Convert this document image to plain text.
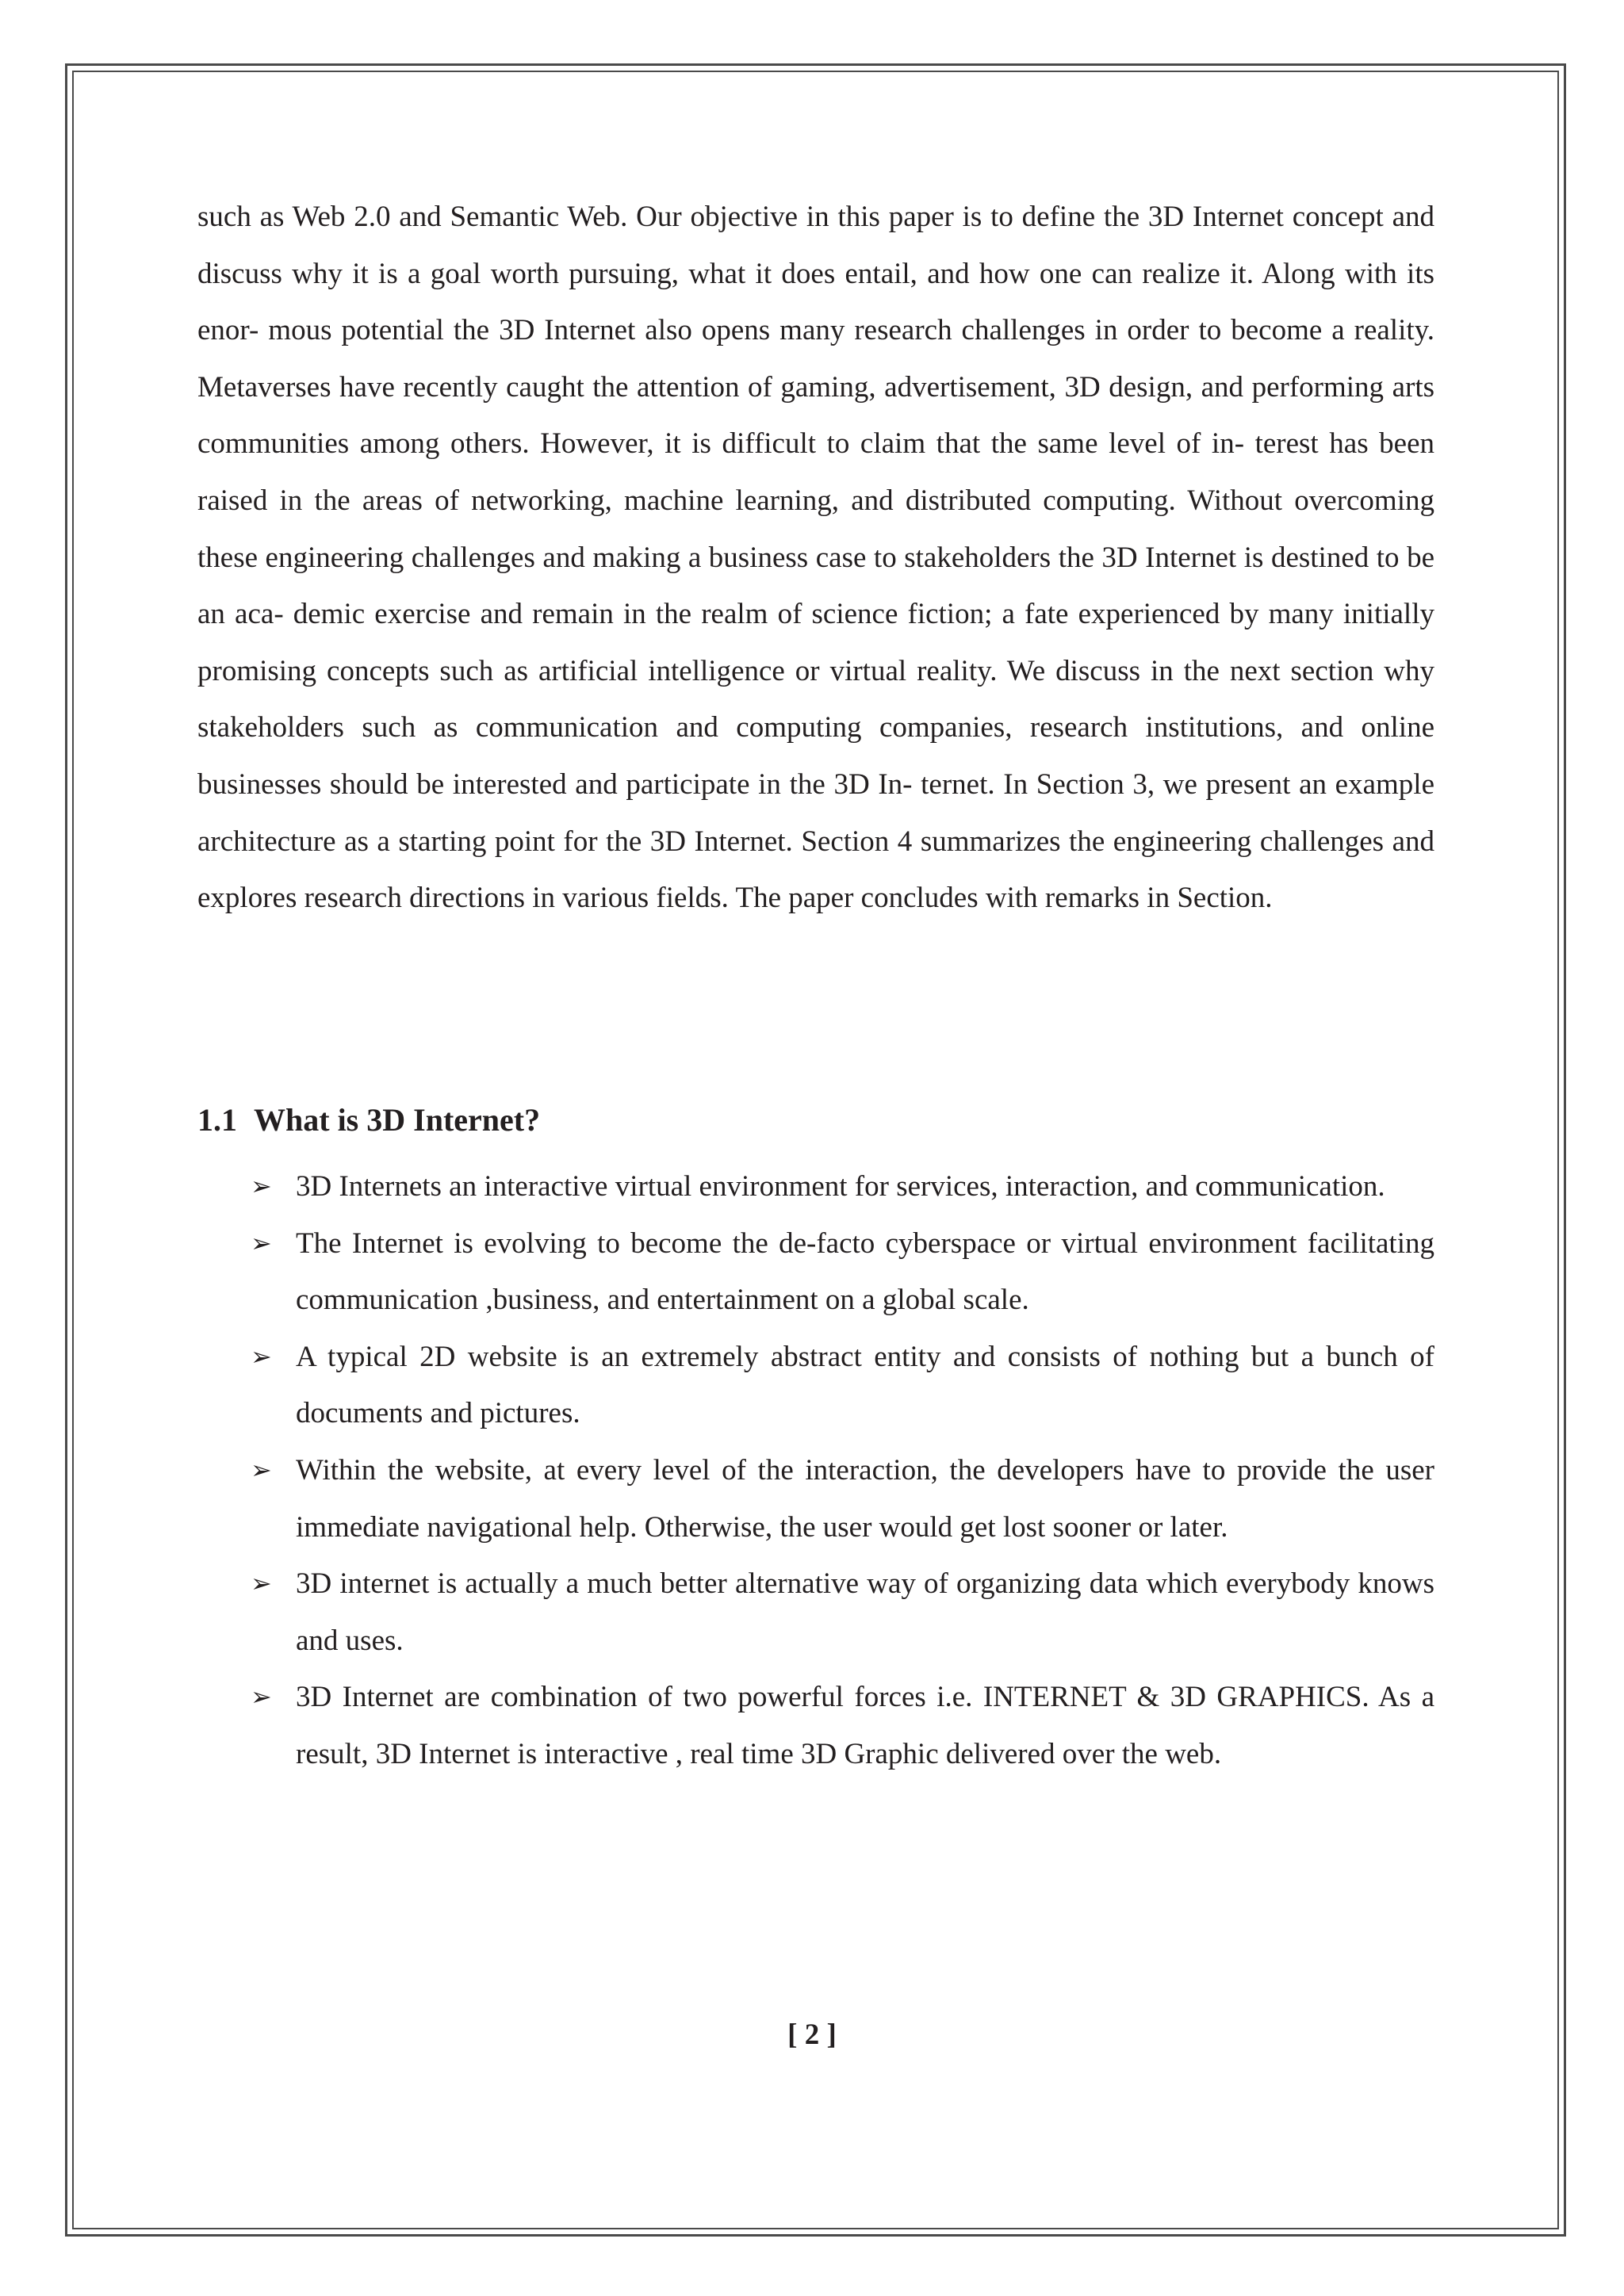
such as Web 2.0 and Semantic Web. Our objective in this paper is to define the 3D Internet concept and discuss why it is a goal worth pursuing, what it does entail, and how one can realize it. Along with its enor- mous potential the 3D Internet also opens many research challenges in order to become a reality. Metaverses have recently caught the attention of gaming, advertisement, 3D design, and performing arts communities among others. However, it is difficult to claim that the same level of in- terest has been raised in the areas of networking, machine learning, and distributed computing. Without overcoming these engineering challenges and making a business case to stakeholders the 3D Internet is destined to be an aca- demic exercise and remain in the realm of science fiction; a fate experienced by many initially promising concepts such as artificial intelligence or virtual reality. We discuss in the next section why stakeholders such as communication and computing companies, research institutions, and online businesses should be interested and participate in the 3D In- ternet. In Section 3, we present an example architecture as a starting point for the 3D Internet. Section 4 summarizes the engineering challenges and explores research directions in various fields. The paper concludes with remarks in Section.

1.1 What is 3D Internet?
➢ 3D Internets an interactive virtual environment for services, interaction, and communication.
➢ The Internet is evolving to become the de-facto cyberspace or virtual environment facilitating communication ,business, and entertainment on a global scale.
➢ A typical 2D website is an extremely abstract entity and consists of nothing but a bunch of documents and pictures.
➢ Within the website, at every level of the interaction, the developers have to provide the user immediate navigational help. Otherwise, the user would get lost sooner or later.
➢ 3D internet is actually a much better alternative way of organizing data which everybody knows and uses.
➢ 3D Internet are combination of two powerful forces i.e. INTERNET & 3D GRAPHICS. As a result, 3D Internet is interactive , real time 3D Graphic delivered over the web.
[ 2 ]
